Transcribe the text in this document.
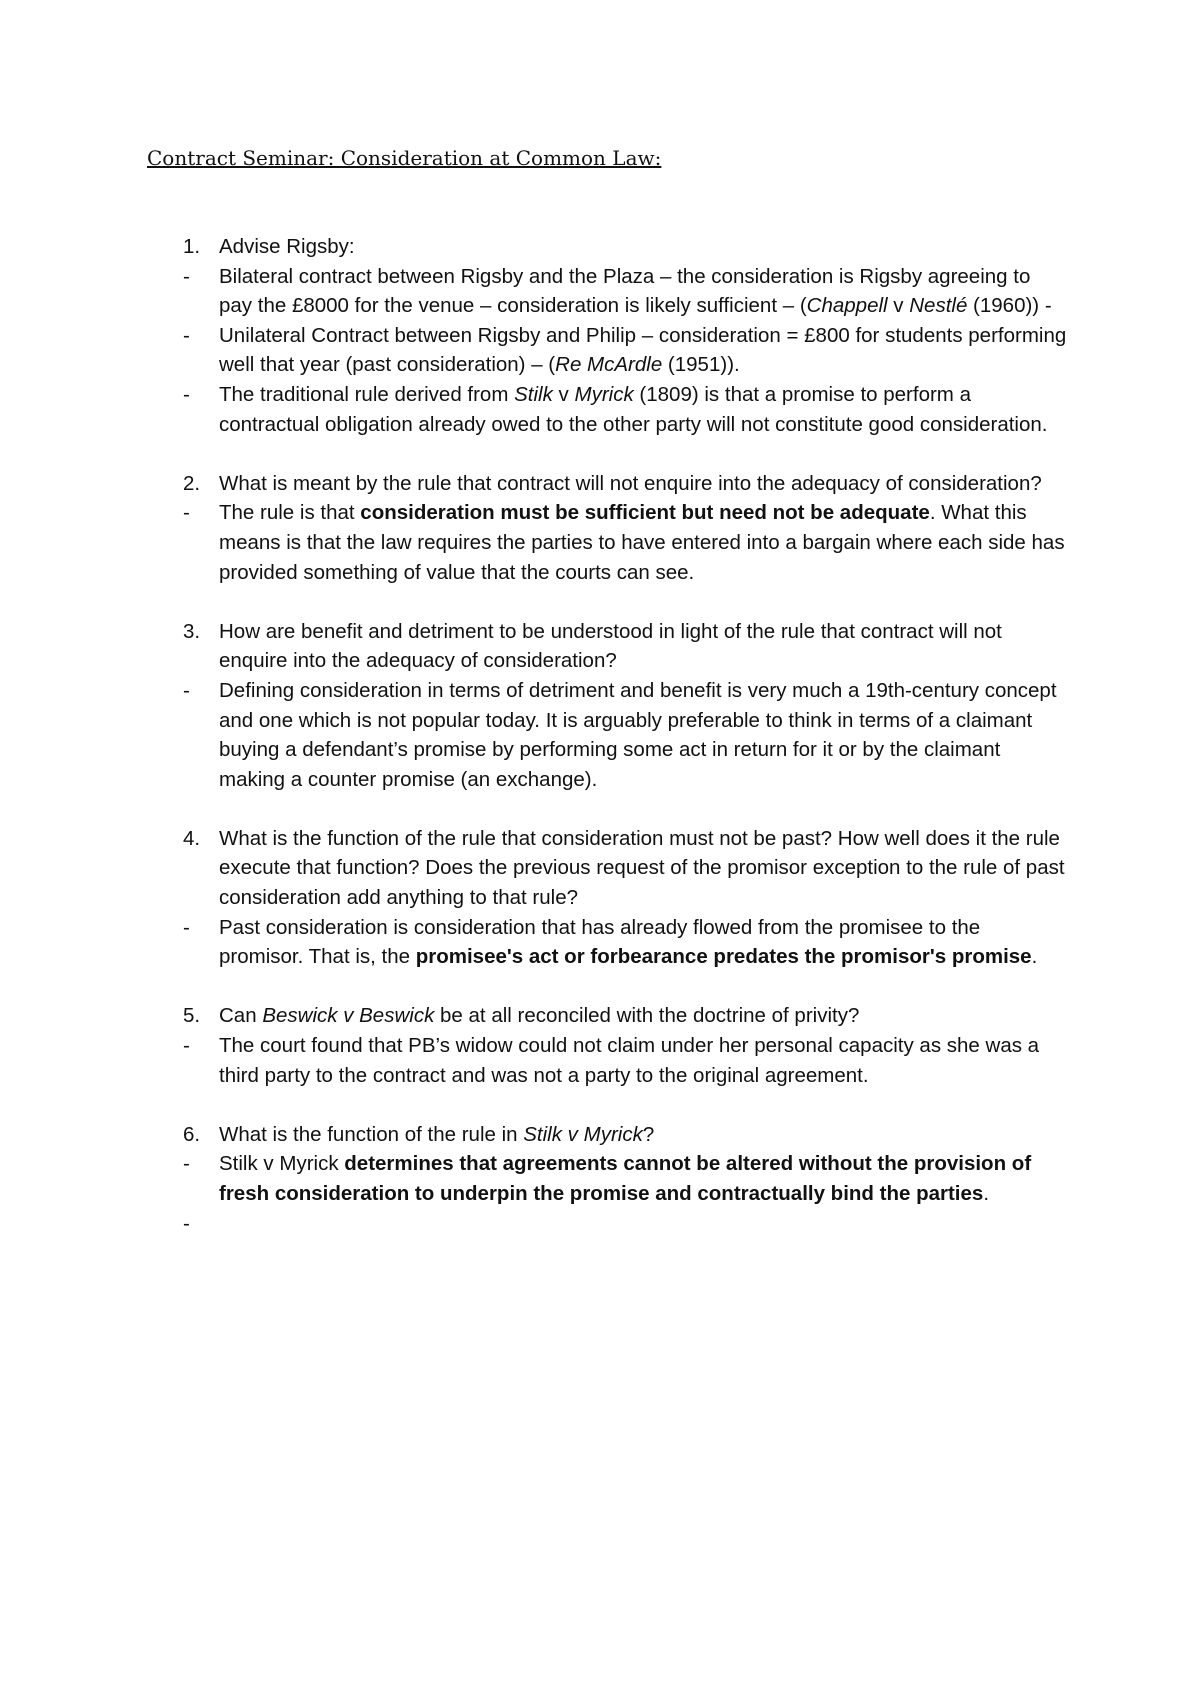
Contract Seminar: Consideration at Common Law:

1. Advise Rigsby:

- Bilateral contract between Rigsby and the Plaza – the consideration is Rigsby agreeing to pay the £8000 for the venue – consideration is likely sufficient – (Chappell v Nestlé (1960)) -

- Unilateral Contract between Rigsby and Philip – consideration = £800 for students performing well that year (past consideration) – (Re McArdle (1951)).

- The traditional rule derived from Stilk v Myrick (1809) is that a promise to perform a contractual obligation already owed to the other party will not constitute good consideration.

2. What is meant by the rule that contract will not enquire into the adequacy of consideration?

- The rule is that consideration must be sufficient but need not be adequate. What this means is that the law requires the parties to have entered into a bargain where each side has provided something of value that the courts can see.

3. How are benefit and detriment to be understood in light of the rule that contract will not enquire into the adequacy of consideration?

- Defining consideration in terms of detriment and benefit is very much a 19th-century concept and one which is not popular today. It is arguably preferable to think in terms of a claimant buying a defendant’s promise by performing some act in return for it or by the claimant making a counter promise (an exchange).

4. What is the function of the rule that consideration must not be past? How well does it the rule execute that function? Does the previous request of the promisor exception to the rule of past consideration add anything to that rule?

- Past consideration is consideration that has already flowed from the promisee to the promisor. That is, the promisee's act or forbearance predates the promisor's promise.

5. Can Beswick v Beswick be at all reconciled with the doctrine of privity?

- The court found that PB’s widow could not claim under her personal capacity as she was a third party to the contract and was not a party to the original agreement.

6. What is the function of the rule in Stilk v Myrick?

- Stilk v Myrick determines that agreements cannot be altered without the provision of fresh consideration to underpin the promise and contractually bind the parties.

-
